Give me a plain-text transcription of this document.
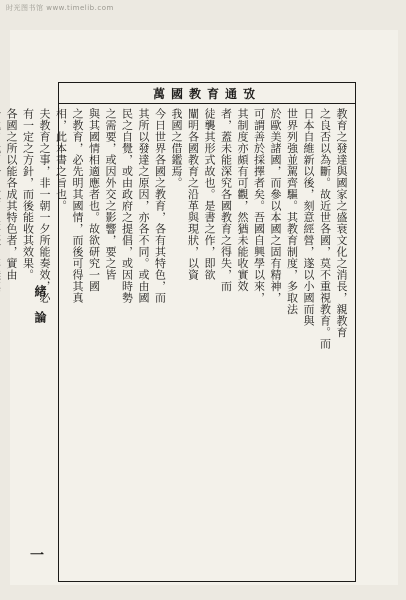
时光图书馆 www.timelib.com
萬國教育通攷
教育之發達與國家之盛衰文化之消長，親教育
之良否以為斷。故近世各國，莫不重視教育。而
日本自維新以後，刻意經營，遂以小國而與
世界列強並駕齊驅。其教育制度，多取法
於歐美諸國，而參以本國之固有精神，
可謂善於採擇者矣。吾國自興學以來，
其制度亦頗有可觀，然猶未能收實效
者，蓋未能深究各國教育之得失，而
徒襲其形式故也。是書之作，即欲
闡明各國教育之沿革與現狀，以資
我國之借鑑焉。
今日世界各國之教育，各有其特色，而
其所以發達之原因，亦各不同。或由國
民之自覺，或由政府之提倡，或因時勢
之需要，或因外交之影響，要之皆
與其國情相適應者也。故欲研究一國
之教育，必先明其國情，而後可得其真
相，此本書之旨也。
夫教育之事，非一朝一夕所能奏效，必
有一定之方針，而後能收其效果。
各國之所以能各成其特色者，實由
緒論
一
